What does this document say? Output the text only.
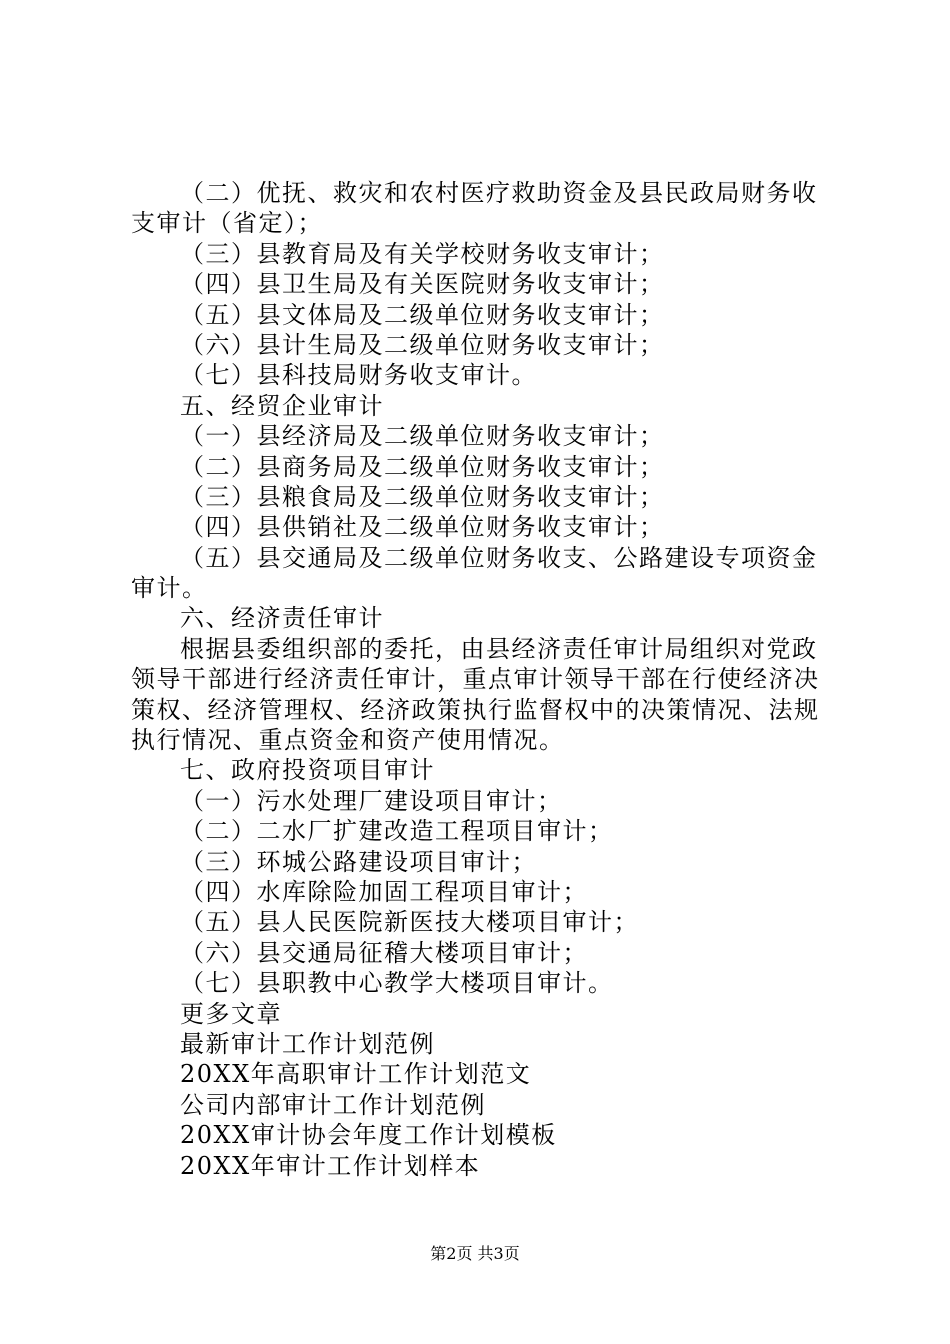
（二）优抚、救灾和农村医疗救助资金及县民政局财务收
支审计（省定）；
（三）县教育局及有关学校财务收支审计；
（四）县卫生局及有关医院财务收支审计；
（五）县文体局及二级单位财务收支审计；
（六）县计生局及二级单位财务收支审计；
（七）县科技局财务收支审计。
五、经贸企业审计
（一）县经济局及二级单位财务收支审计；
（二）县商务局及二级单位财务收支审计；
（三）县粮食局及二级单位财务收支审计；
（四）县供销社及二级单位财务收支审计；
（五）县交通局及二级单位财务收支、公路建设专项资金
审计。
六、经济责任审计
根据县委组织部的委托，由县经济责任审计局组织对党政
领导干部进行经济责任审计，重点审计领导干部在行使经济决
策权、经济管理权、经济政策执行监督权中的决策情况、法规
执行情况、重点资金和资产使用情况。
七、政府投资项目审计
（一）污水处理厂建设项目审计；
（二）二水厂扩建改造工程项目审计；
（三）环城公路建设项目审计；
（四）水库除险加固工程项目审计；
（五）县人民医院新医技大楼项目审计；
（六）县交通局征稽大楼项目审计；
（七）县职教中心教学大楼项目审计。
更多文章
最新审计工作计划范例
20XX年高职审计工作计划范文
公司内部审计工作计划范例
20XX审计协会年度工作计划模板
20XX年审计工作计划样本
第2页 共3页
